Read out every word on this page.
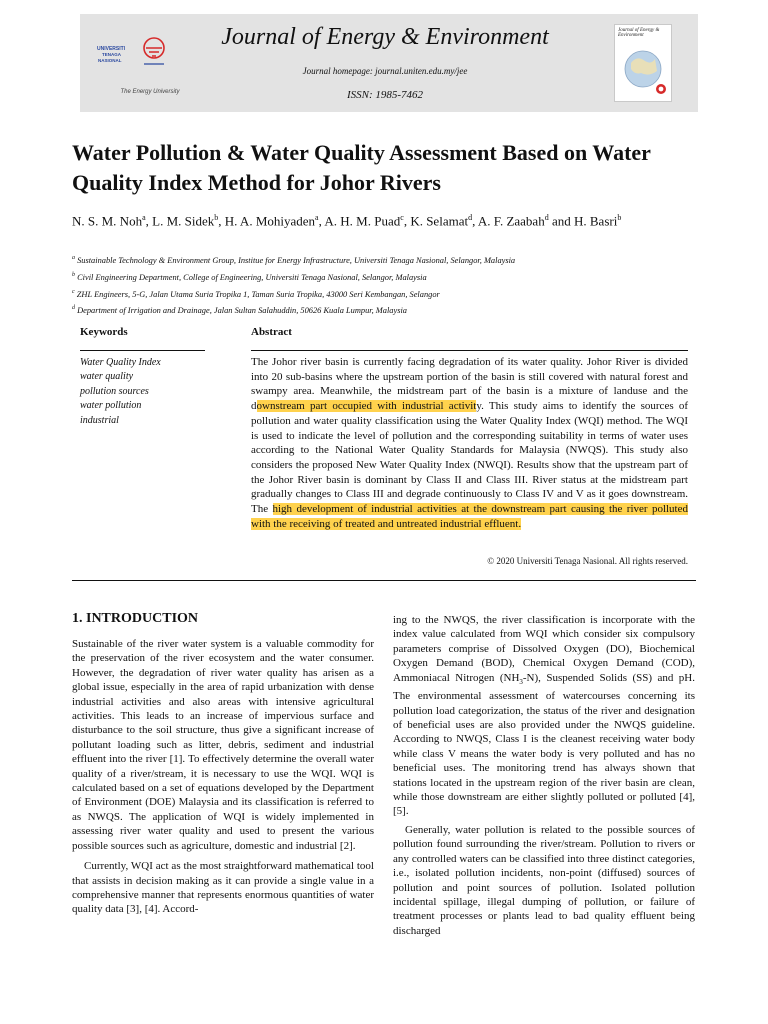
UNIVERSITI
TENAGA
NASIONAL
The Energy University
Journal of Energy & Environment
Journal homepage: journal.uniten.edu.my/jee
ISSN: 1985-7462
Journal of Energy & Environment
Water Pollution & Water Quality Assessment Based on Water Quality Index Method for Johor Rivers
N. S. M. Noh$^a$, L. M. Sidek$^b$, H. A. Mohiyaden$^a$, A. H. M. Puad$^c$, K. Selamat$^d$, A. F. Zaabah$^d$ and H. Basri$^b$
$^a$ Sustainable Technology & Environment Group, Institue for Energy Infrastructure, Universiti Tenaga Nasional, Selangor, Malaysia
$^b$ Civil Engineering Department, College of Engineering, Universiti Tenaga Nasional, Selangor, Malaysia
$^c$ ZHL Engineers, 5-G, Jalan Utama Suria Tropika 1, Taman Suria Tropika, 43000 Seri Kembangan, Selangor
$^d$ Department of Irrigation and Drainage, Jalan Sultan Salahuddin, 50626 Kuala Lumpur, Malaysia
Keywords
Water Quality Index
water quality
pollution sources
water pollution
industrial
Abstract
The Johor river basin is currently facing degradation of its water quality. Johor River is divided into 20 sub-basins where the upstream portion of the basin is still covered with natural forest and swampy area. Meanwhile, the midstream part of the basin is a mixture of landuse and the downstream part occupied with industrial activity. This study aims to identify the sources of pollution and water quality classification using the Water Quality Index (WQI) method. The WQI is used to indicate the level of pollution and the corresponding suitability in terms of water uses according to the National Water Quality Standards for Malaysia (NWQS). This study also considers the proposed New Water Quality Index (NWQI). Results show that the upstream part of the Johor River basin is dominant by Class II and Class III. River status at the midstream part gradually changes to Class III and degrade continuously to Class IV and V as it goes downstream. The high development of industrial activities at the downstream part causing the river polluted with the receiving of treated and untreated industrial effluent.
© 2020 Universiti Tenaga Nasional. All rights reserved.
1. INTRODUCTION
Sustainable of the river water system is a valuable commodity for the preservation of the river ecosystem and the water consumer. However, the degradation of river water quality has arisen as a global issue, especially in the area of rapid urbanization with dense industrial activities and also areas with intensive agricultural activities. This leads to an increase of impervious surface and disturbance to the soil structure, thus give a significant increase of pollutant loading such as litter, debris, sediment and industrial effluent into the river [1]. To effectively determine the overall water quality of a river/stream, it is necessary to use the WQI. WQI is calculated based on a set of equations developed by the Department of Environment (DOE) Malaysia and its classification is referred to as NWQS. The application of WQI is widely implemented in assessing river water quality and used to present the various possible sources such as agriculture, domestic and industrial [2].
Currently, WQI act as the most straightforward mathematical tool that assists in decision making as it can provide a single value in a comprehensive manner that represents enormous quantities of water quality data [3], [4]. Accord-
ing to the NWQS, the river classification is incorporate with the index value calculated from WQI which consider six compulsory parameters comprise of Dissolved Oxygen (DO), Biochemical Oxygen Demand (BOD), Chemical Oxygen Demand (COD), Ammoniacal Nitrogen $(NH_3-N)$, Suspended Solids (SS) and pH. The environmental assessment of watercourses concerning its pollution load categorization, the status of the river and designation of beneficial uses are also provided under the NWQS guideline. According to NWQS, Class I is the cleanest receiving water body while class V means the water body is very polluted and has no beneficial uses. The monitoring trend has always shown that stations located in the upstream region of the river basin are clean, while those downstream are either slightly polluted or polluted [4], [5].
Generally, water pollution is related to the possible sources of pollution found surrounding the river/stream. Pollution to rivers or any controlled waters can be classified into three distinct categories, i.e., isolated pollution incidents, non-point (diffused) sources of pollution and point sources of pollution. Isolated pollution incidental spillage, illegal dumping of pollution, or failure of treatment processes or plants lead to bad quality effluent being discharged
